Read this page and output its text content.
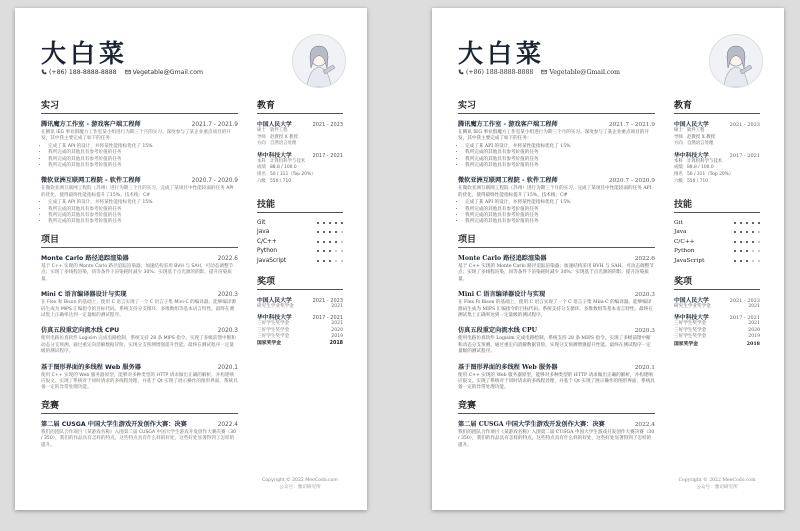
大白菜
(+86) 188-8888-8888	Vegetable@Gmail.com
实习
腾讯魔方工作室 - 游戏客户端工程师	2021.7 - 2021.9
在腾讯 IEG 事业群魔方工作室某小组进行为期三个月的实习。深度参与了某企业重点项目的开发，其中我主要完成了如下的任务：
• 完成了某 API 的设计，并将某性能指标优化了 15%
• 我所完成的其他具有参考价值的任务
• 我所完成的其他具有参考价值的任务
• 我所完成的其他具有参考价值的任务
微软亚洲互联网工程院 - 软件工程师	2020.7 - 2020.9
在微软亚洲互联网工程院（苏州）进行为期三个月的实习，完成了某项目中性能较弱的任务 API 的优化，使得最终性能指标提升了15%。技术栈：C#
• 完成了某 API 的设计，并将某性能指标优化了 15%
• 我所完成的其他具有参考价值的任务
• 我所完成的其他具有参考价值的任务
• 我所完成的其他具有参考价值的任务
项目
Monte Carlo 路径追踪渲染器	2022.6
基于 C++ 实现的 Monte Carlo 路径追踪渲染器；加速结构采用 BVH 与 SAH，可动态调整节点；实现了多线程渲染，同等条件下渲染耗时减少 30%；实现基于点光源的阴影，提升渲染质量。
Mini C 语言编译器设计与实现	2020.3
在 Flex 和 Bison 的基础上，使用 C 语言实现了一个 C 语言子集 Mini-C 的编译器。能够编译源码生成为 MIPS 汇编指令的目标代码。系统支持分支循环、多维数组等基本语言特性。最终在测试集上正确率达到一定量级的测试程序。
仿真五段重定向流水线 CPU	2020.3
使用电路仿真软件 Logisim 完成电路绘制，系统支持 28 条 MIPS 指令。实现了多级前馈中断和动态分支预测。通过重定向消解数据冒险，实现分支预测增强提升性能。最终在测试程序一定量级的测试程序。
基于图形界面的多线程 Web 服务器	2020.1
使用 C++ 实现的 Web 服务器原型，能够对多种类型的 HTTP 请求做出正确的解析，并构建响应报文。实现了系统对于同时请求的多线程处理，并基于 Qt 实现了展示操作的图形界面，系统具备一定的异常处理功能。
竞赛
第二届 CUSGA 中国大学生游戏开发创作大赛：决赛	2022.4
我们的团队合作项目《某游戏名称》入围第二届 CUSGA 中国大学生游戏开发创作大赛决赛（30 / 350），我们的作品具有怎样的特点，这些特点具有什么样的好处，这些好处显著得到了怎样的提升。
教育
中国人民大学	2021 - 2023
硕士 软件工程
导师 赵教授 X 教授
方向 自然语言处理
华中科技大学	2017 - 2021
本科 计算机科学与技术
成绩 88.8 / 100.0
排名 50 / 311（Top 20%）
六级 550 / 710
技能
Git
Java
C/C++
Python
JavaScript
奖项
中国人民大学	2021 - 2023
研究生学业奖学金	2021
华中科技大学	2017 - 2021
三好学生奖学金	2021
三好学生奖学金	2020
三好学生奖学金	2019
国家奖学金	2018
Copyright © 2022 MeeCodo.com
公众号：雅司研究所
大白菜
(+86) 188-8888-8888	Vegetable@Gmail.com
实习
腾讯魔方工作室 - 游戏客户端工程师	2021.7 - 2021.9
在腾讯 IEG 事业群魔方工作室某小组进行为期三个月的实习。深度参与了某企业重点项目的开发，其中我主要完成了如下的任务：
• 完成了某 API 的设计，并将某性能指标优化了 15%
• 我所完成的其他具有参考价值的任务
• 我所完成的其他具有参考价值的任务
• 我所完成的其他具有参考价值的任务
微软亚洲互联网工程院 - 软件工程师	2020.7 - 2020.9
在微软亚洲互联网工程院（苏州）进行为期三个月的实习，完成了某项目中性能较弱的任务 API 的优化，使得最终性能指标提升了15%。技术栈：C#
• 完成了某 API 的设计，并将某性能指标优化了 15%
• 我所完成的其他具有参考价值的任务
• 我所完成的其他具有参考价值的任务
• 我所完成的其他具有参考价值的任务
项目
Monte Carlo 路径追踪渲染器	2022.6
基于 C++ 实现的 Monte Carlo 路径追踪渲染器；加速结构采用 BVH 与 SAH，可动态调整节点；实现了多线程渲染，同等条件下渲染耗时减少 30%；实现基于点光源的阴影，提升渲染质量。
Mini C 语言编译器设计与实现	2020.3
在 Flex 和 Bison 的基础上，使用 C 语言实现了一个 C 语言子集 Mini-C 的编译器。能够编译源码生成为 MIPS 汇编指令的目标代码。系统支持分支循环、多维数组等基本语言特性。最终在测试集上正确率达到一定量级的测试程序。
仿真五段重定向流水线 CPU	2020.3
使用电路仿真软件 Logisim 完成电路绘制，系统支持 28 条 MIPS 指令。实现了多级前馈中断和动态分支预测。通过重定向消解数据冒险，实现分支预测增强提升性能。最终在测试程序一定量级的测试程序。
基于图形界面的多线程 Web 服务器	2020.1
使用 C++ 实现的 Web 服务器原型，能够对多种类型的 HTTP 请求做出正确的解析，并构建响应报文。实现了系统对于同时请求的多线程处理，并基于 Qt 实现了展示操作的图形界面，系统具备一定的异常处理功能。
竞赛
第二届 CUSGA 中国大学生游戏开发创作大赛：决赛	2022.4
我们的团队合作项目《某游戏名称》入围第二届 CUSGA 中国大学生游戏开发创作大赛决赛（30 / 350），我们的作品具有怎样的特点，这些特点具有什么样的好处，这些好处显著得到了怎样的提升。
教育
中国人民大学	2021 - 2023
硕士 软件工程
导师 赵教授 X 教授
方向 自然语言处理
华中科技大学	2017 - 2021
本科 计算机科学与技术
成绩 88.8 / 100.0
排名 50 / 311（Top 20%）
六级 550 / 710
技能
Git
Java
C/C++
Python
JavaScript
奖项
中国人民大学	2021 - 2023
研究生学业奖学金	2021
华中科技大学	2017 - 2021
三好学生奖学金	2021
三好学生奖学金	2020
三好学生奖学金	2019
国家奖学金	2018
Copyright © 2022 MeeCodo.com
公众号：雅司研究所
